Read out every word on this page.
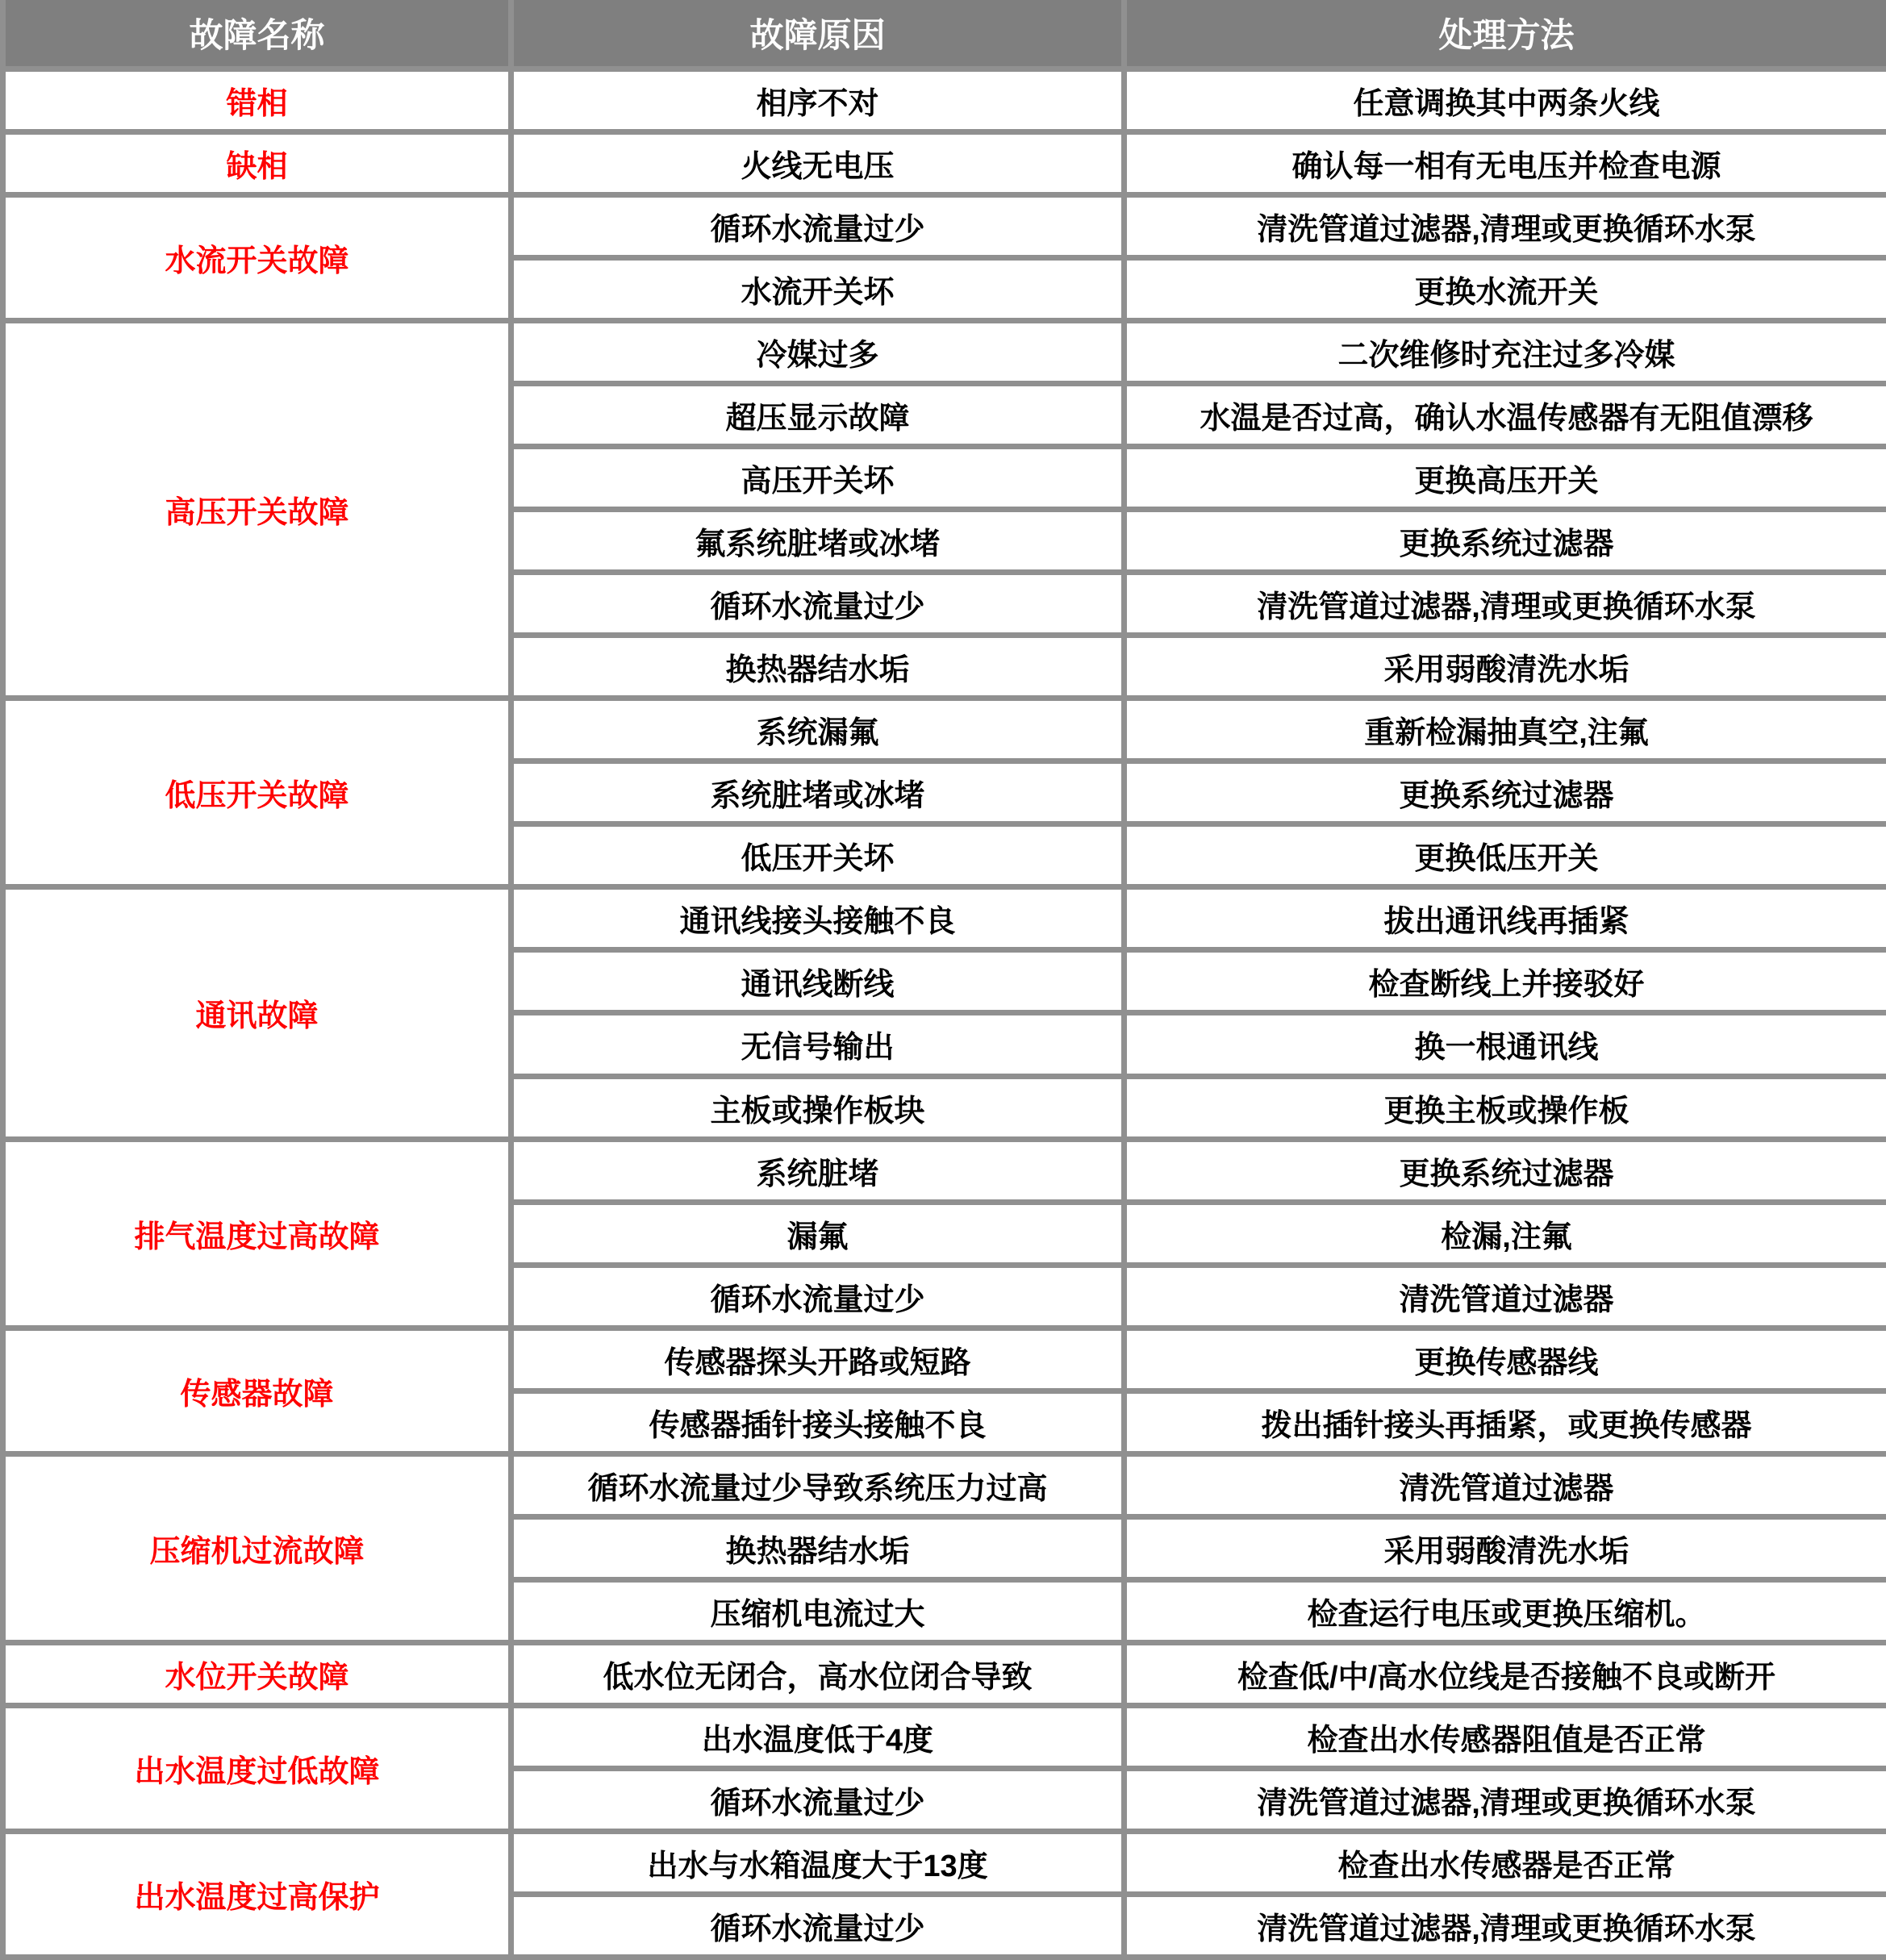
故障名称	故障原因	处理方法
错相	相序不对	任意调换其中两条火线
缺相	火线无电压	确认每一相有无电压并检查电源
水流开关故障	循环水流量过少	清洗管道过滤器,清理或更换循环水泵
	水流开关坏	更换水流开关
高压开关故障	冷媒过多	二次维修时充注过多冷媒
	超压显示故障	水温是否过高，确认水温传感器有无阻值漂移
	高压开关坏	更换高压开关
	氟系统脏堵或冰堵	更换系统过滤器
	循环水流量过少	清洗管道过滤器,清理或更换循环水泵
	换热器结水垢	采用弱酸清洗水垢
低压开关故障	系统漏氟	重新检漏抽真空,注氟
	系统脏堵或冰堵	更换系统过滤器
	低压开关坏	更换低压开关
通讯故障	通讯线接头接触不良	拔出通讯线再插紧
	通讯线断线	检查断线上并接驳好
	无信号输出	换一根通讯线
	主板或操作板块	更换主板或操作板
排气温度过高故障	系统脏堵	更换系统过滤器
	漏氟	检漏,注氟
	循环水流量过少	清洗管道过滤器
传感器故障	传感器探头开路或短路	更换传感器线
	传感器插针接头接触不良	拨出插针接头再插紧，或更换传感器
压缩机过流故障	循环水流量过少导致系统压力过高	清洗管道过滤器
	换热器结水垢	采用弱酸清洗水垢
	压缩机电流过大	检查运行电压或更换压缩机。
水位开关故障	低水位无闭合，高水位闭合导致	检查低/中/高水位线是否接触不良或断开
出水温度过低故障	出水温度低于4度	检查出水传感器阻值是否正常
	循环水流量过少	清洗管道过滤器,清理或更换循环水泵
出水温度过高保护	出水与水箱温度大于13度	检查出水传感器是否正常
	循环水流量过少	清洗管道过滤器,清理或更换循环水泵
